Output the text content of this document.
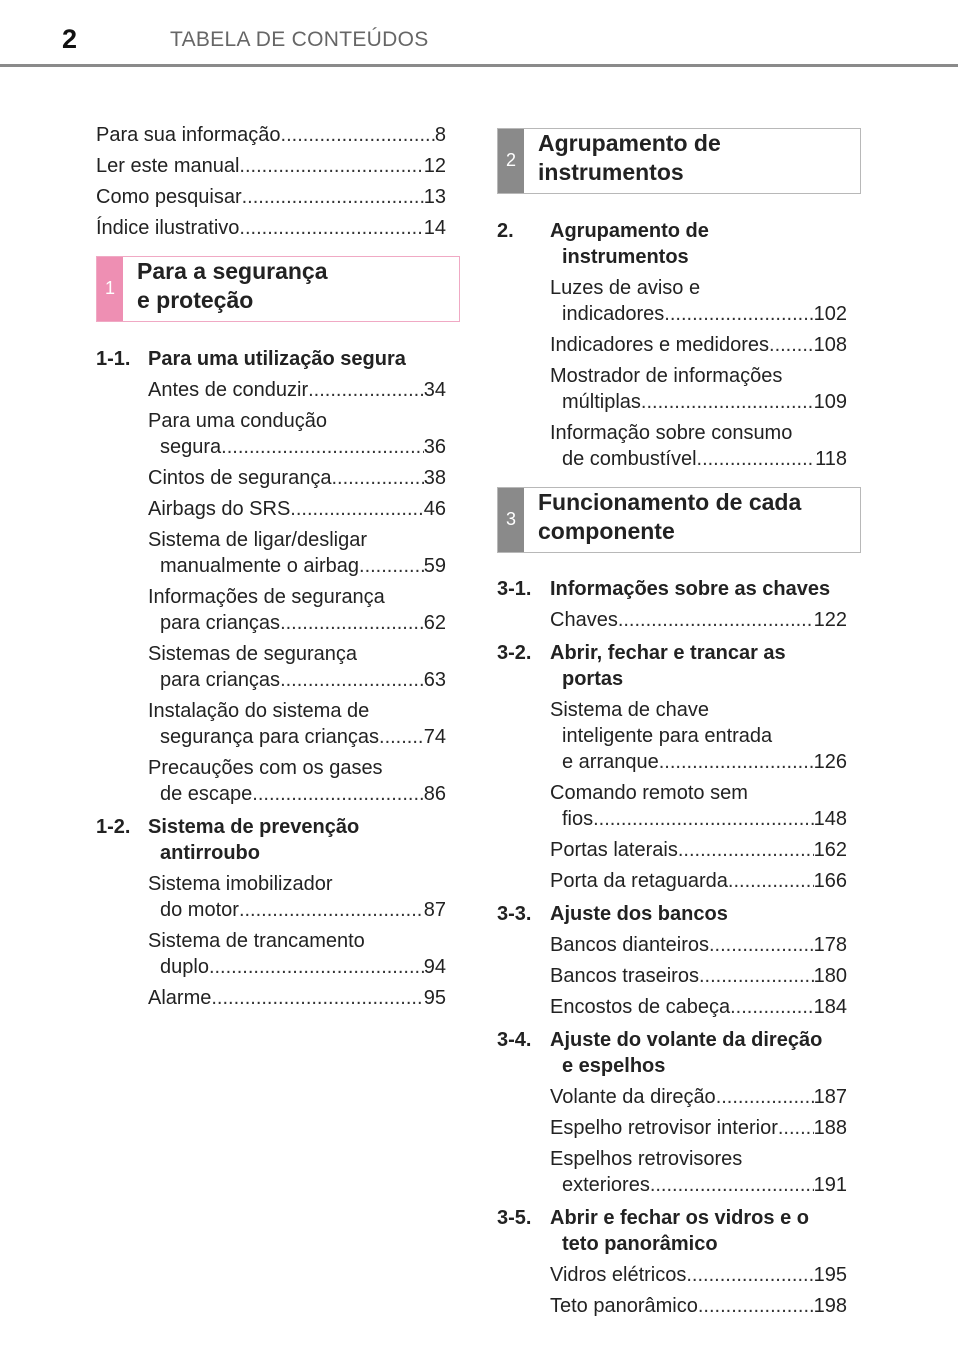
2	TABELA DE CONTEÚDOS
Para sua informação .....	8
Ler este manual .....	12
Como pesquisar .....	13
Índice ilustrativo .....	14
1
Para a segurança
e proteção
1-1. Para uma utilização segura
Antes de conduzir .....	34
Para uma condução
segura .....	36
Cintos de segurança .....	38
Airbags do SRS .....	46
Sistema de ligar/desligar
manualmente o airbag .....	59
Informações de segurança
para crianças .....	62
Sistemas de segurança
para crianças .....	63
Instalação do sistema de
segurança para crianças ..... 74
Precauções com os gases
de escape .....	86
1-2. Sistema de prevenção
antirroubo
Sistema imobilizador
do motor .....	87
Sistema de trancamento
duplo .....	94
Alarme .....	95
2
Agrupamento de
instrumentos
2. Agrupamento de
instrumentos
Luzes de aviso e
indicadores .....	102
Indicadores e medidores ..... 108
Mostrador de informações
múltiplas .....	109
Informação sobre consumo
de combustível .....	118
3
Funcionamento de cada
componente
3-1. Informações sobre as chaves
Chaves .....	122
3-2. Abrir, fechar e trancar as
portas
Sistema de chave
inteligente para entrada
e arranque .....	126
Comando remoto sem
fios .....	148
Portas laterais .....	162
Porta da retaguarda .....	166
3-3. Ajuste dos bancos
Bancos dianteiros .....	178
Bancos traseiros .....	180
Encostos de cabeça .....	184
3-4. Ajuste do volante da direção
e espelhos
Volante da direção .....	187
Espelho retrovisor interior ..... 188
Espelhos retrovisores
exteriores .....	191
3-5. Abrir e fechar os vidros e o
teto panorâmico
Vidros elétricos .....	195
Teto panorâmico .....	198
